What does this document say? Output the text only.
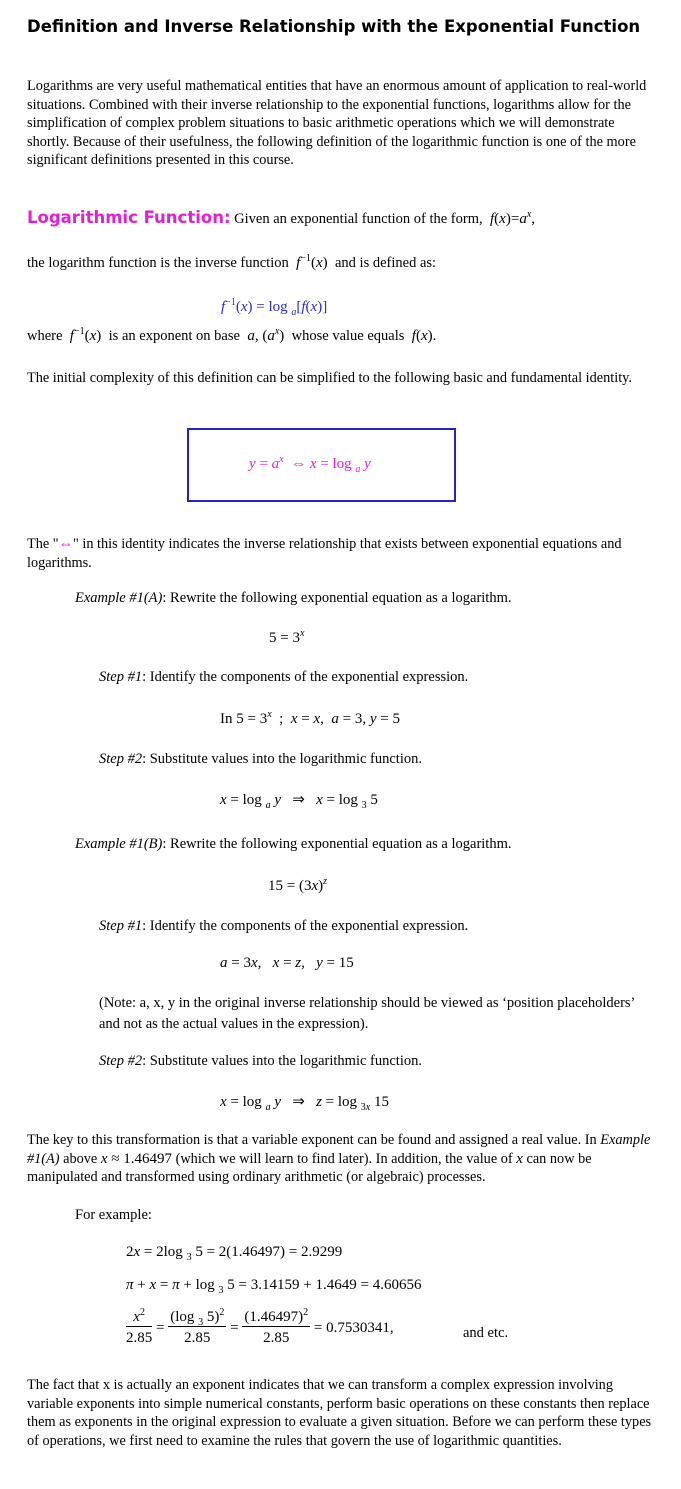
Definition and Inverse Relationship with the Exponential Function
Logarithms are very useful mathematical entities that have an enormous amount of application to real-world situations. Combined with their inverse relationship to the exponential functions, logarithms allow for the simplification of complex problem situations to basic arithmetic operations which we will demonstrate shortly. Because of their usefulness, the following definition of the logarithmic function is one of the more significant definitions presented in this course.
Logarithmic Function: Given an exponential function of the form, $f(x)=a^x$,
the logarithm function is the inverse function $f^{-1}(x)$  and is defined as:
$f^{-1}(x) = \log _a[f(x)]$
where $f^{-1}(x)$  is an exponent on base a, $(a^x)$  whose value equals f(x).
The initial complexity of this definition can be simplified to the following basic and fundamental identity.
$y = a^x$  ⇔ x = log $_a$ y
The "⇔" in this identity indicates the inverse relationship that exists between exponential equations and logarithms.
Example #1(A): Rewrite the following exponential equation as a logarithm.
$5 = 3^x$
Step #1: Identify the components of the exponential expression.
In $5 = 3^x$  ;  x = x,  a = 3, y = 5
Step #2: Substitute values into the logarithmic function.
x = log $_a$ y   ⇒   x = log $_3$ 5
Example #1(B): Rewrite the following exponential equation as a logarithm.
$15 = (3x)^z$
Step #1: Identify the components of the exponential expression.
a = 3x,   x = z,   y = 15
(Note: a, x, y in the original inverse relationship should be viewed as ‘position placeholders’ and not as the actual values in the expression).
Step #2: Substitute values into the logarithmic function.
x = log $_a$ y   ⇒   z = log $_{3x}$ 15
The key to this transformation is that a variable exponent can be found and assigned a real value. In Example #1(A) above x ≈ 1.46497 (which we will learn to find later). In addition, the value of x can now be manipulated and transformed using ordinary arithmetic (or algebraic) processes.
For example:
2x = 2log $_3$ 5 = 2(1.46497) = 2.9299
π + x = π + log $_3$ 5 = 3.14159 + 1.4649 = 4.60656
$\frac{x^2}{2.85} = \frac{(\log _3 5)^2}{2.85} = \frac{(1.46497)^2}{2.85} = 0.7530341$,	and etc.
The fact that x is actually an exponent indicates that we can transform a complex expression involving variable exponents into simple numerical constants, perform basic operations on these constants then replace them as exponents in the original expression to evaluate a given situation. Before we can perform these types of operations, we first need to examine the rules that govern the use of logarithmic quantities.
